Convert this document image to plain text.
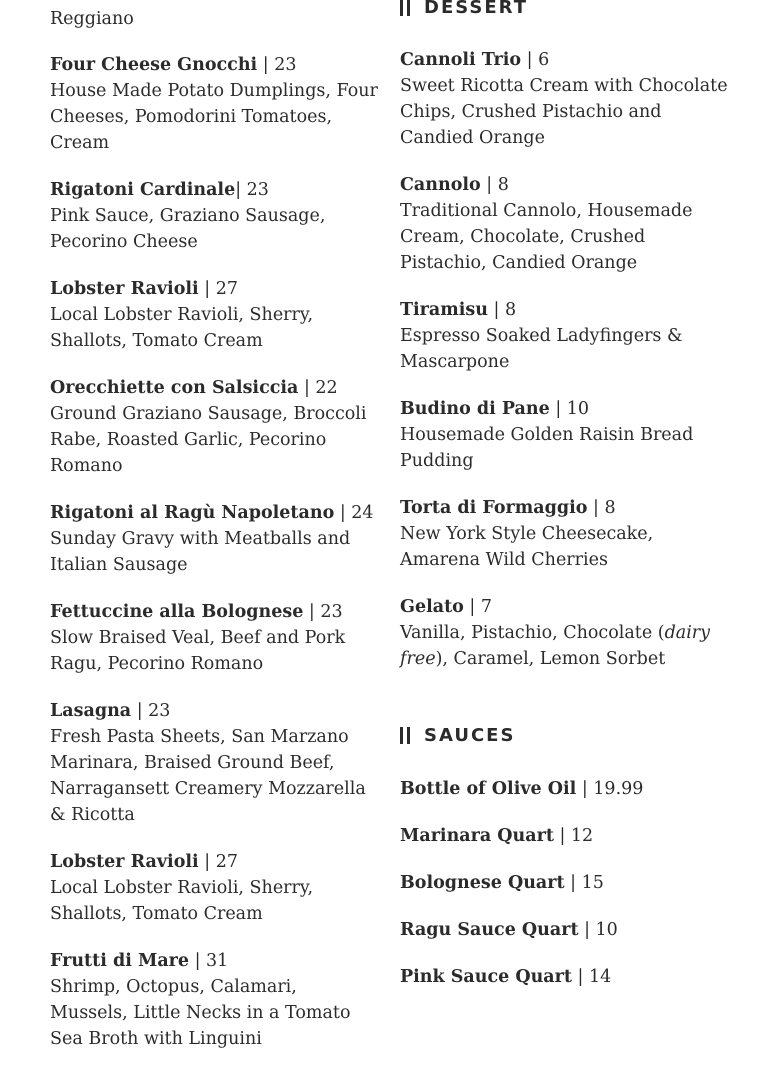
Reggiano
Four Cheese Gnocchi | 23
House Made Potato Dumplings, Four Cheeses, Pomodorini Tomatoes, Cream
Rigatoni Cardinale| 23
Pink Sauce, Graziano Sausage, Pecorino Cheese
Lobster Ravioli | 27
Local Lobster Ravioli, Sherry, Shallots, Tomato Cream
Orecchiette con Salsiccia | 22
Ground Graziano Sausage, Broccoli Rabe, Roasted Garlic, Pecorino Romano
Rigatoni al Ragù Napoletano | 24
Sunday Gravy with Meatballs and Italian Sausage
Fettuccine alla Bolognese | 23
Slow Braised Veal, Beef and Pork Ragu, Pecorino Romano
Lasagna | 23
Fresh Pasta Sheets, San Marzano Marinara, Braised Ground Beef, Narragansett Creamery Mozzarella & Ricotta
Lobster Ravioli | 27
Local Lobster Ravioli, Sherry, Shallots, Tomato Cream
Frutti di Mare | 31
Shrimp, Octopus, Calamari, Mussels, Little Necks in a Tomato Sea Broth with Linguini
DESSERT
Cannoli Trio | 6
Sweet Ricotta Cream with Chocolate Chips, Crushed Pistachio and Candied Orange
Cannolo | 8
Traditional Cannolo, Housemade Cream, Chocolate, Crushed Pistachio, Candied Orange
Tiramisu | 8
Espresso Soaked Ladyfingers & Mascarpone
Budino di Pane | 10
Housemade Golden Raisin Bread Pudding
Torta di Formaggio | 8
New York Style Cheesecake, Amarena Wild Cherries
Gelato | 7
Vanilla, Pistachio, Chocolate (dairy free), Caramel, Lemon Sorbet
SAUCES
Bottle of Olive Oil | 19.99
Marinara Quart | 12
Bolognese Quart | 15
Ragu Sauce Quart | 10
Pink Sauce Quart | 14
